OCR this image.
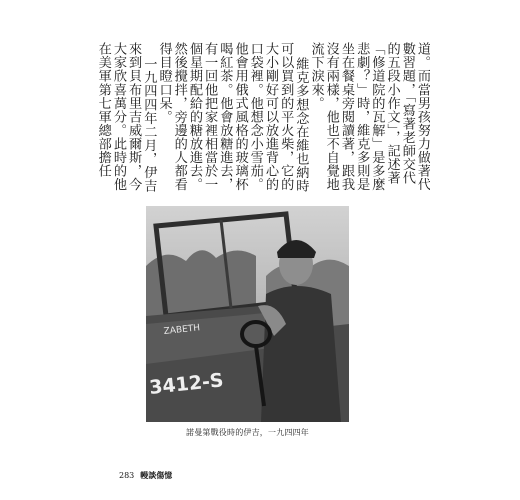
道。而當男孩努力做著代數習題，「寫著老師交代的五段小作文」，記述著「修道院的瓦解」是多麼悲劇？」時，維克多則是坐在餐桌旁閱讀著，跟我沒有兩樣，他也不自覺地流下淚來。

維克多想念在維也納時可以買到的平火柴，它的大小剛好可以放進背心的口袋裡。他想念小雪茄。他會用俄式風格的玻璃杯喝紅茶。他會放糖進去，有一回他把家裡相當於一個星期配給的糖放進去。然後攪拌，旁邊的人都看得目瞪口呆。

一九四四年二月，伊吉來到貝布里吉威爾斯，今大家欣喜萬分。此時的他在美軍第七軍總部擔任

ZABETH
3412-S
諾曼第戰役時的伊吉，一九四四年
283 幔談傷憶
